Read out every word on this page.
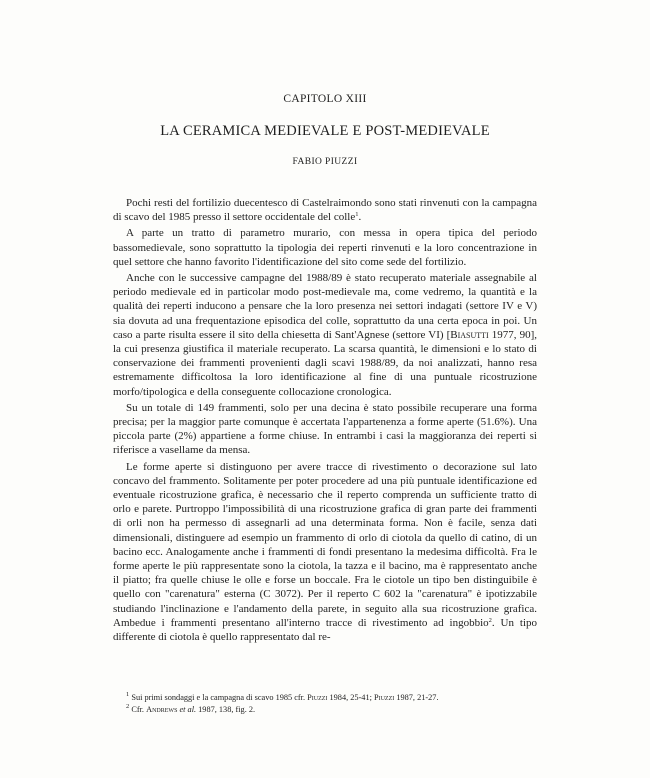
CAPITOLO XIII
LA CERAMICA MEDIEVALE E POST-MEDIEVALE
FABIO PIUZZI

Pochi resti del fortilizio duecentesco di Castelraimondo sono stati rinvenuti con la campagna di scavo del 1985 presso il settore occidentale del colle$^1$.

A parte un tratto di parametro murario, con messa in opera tipica del periodo bassomedievale, sono soprattutto la tipologia dei reperti rinvenuti e la loro concentrazione in quel settore che hanno favorito l'identificazione del sito come sede del fortilizio.

Anche con le successive campagne del 1988/89 è stato recuperato materiale assegnabile al periodo medievale ed in particolar modo post-medievale ma, come vedremo, la quantità e la qualità dei reperti inducono a pensare che la loro presenza nei settori indagati (settore IV e V) sia dovuta ad una frequentazione episodica del colle, soprattutto da una certa epoca in poi. Un caso a parte risulta essere il sito della chiesetta di Sant'Agnese (settore VI) [Biasutti 1977, 90], la cui presenza giustifica il materiale recuperato. La scarsa quantità, le dimensioni e lo stato di conservazione dei frammenti provenienti dagli scavi 1988/89, da noi analizzati, hanno resa estremamente difficoltosa la loro identificazione al fine di una puntuale ricostruzione morfo/tipologica e della conseguente collocazione cronologica.

Su un totale di 149 frammenti, solo per una decina è stato possibile recuperare una forma precisa; per la maggior parte comunque è accertata l'appartenenza a forme aperte (51.6%). Una piccola parte (2%) appartiene a forme chiuse. In entrambi i casi la maggioranza dei reperti si riferisce a vasellame da mensa.

Le forme aperte si distinguono per avere tracce di rivestimento o decorazione sul lato concavo del frammento. Solitamente per poter procedere ad una più puntuale identificazione ed eventuale ricostruzione grafica, è necessario che il reperto comprenda un sufficiente tratto di orlo e parete. Purtroppo l'impossibilità di una ricostruzione grafica di gran parte dei frammenti di orli non ha permesso di assegnarli ad una determinata forma. Non è facile, senza dati dimensionali, distinguere ad esempio un frammento di orlo di ciotola da quello di catino, di un bacino ecc. Analogamente anche i frammenti di fondi presentano la medesima difficoltà. Fra le forme aperte le più rappresentate sono la ciotola, la tazza e il bacino, ma è rappresentato anche il piatto; fra quelle chiuse le olle e forse un boccale. Fra le ciotole un tipo ben distinguibile è quello con "carenatura" esterna (C 3072). Per il reperto C 602 la "carenatura" è ipotizzabile studiando l'inclinazione e l'andamento della parete, in seguito alla sua ricostruzione grafica. Ambedue i frammenti presentano all'interno tracce di rivestimento ad ingobbio$^2$. Un tipo differente di ciotola è quello rappresentato dal re-

$^1$ Sui primi sondaggi e la campagna di scavo 1985 cfr. Piuzzi 1984, 25-41; Piuzzi 1987, 21-27.

$^2$ Cfr. Andrews et al. 1987, 138, fig. 2.
